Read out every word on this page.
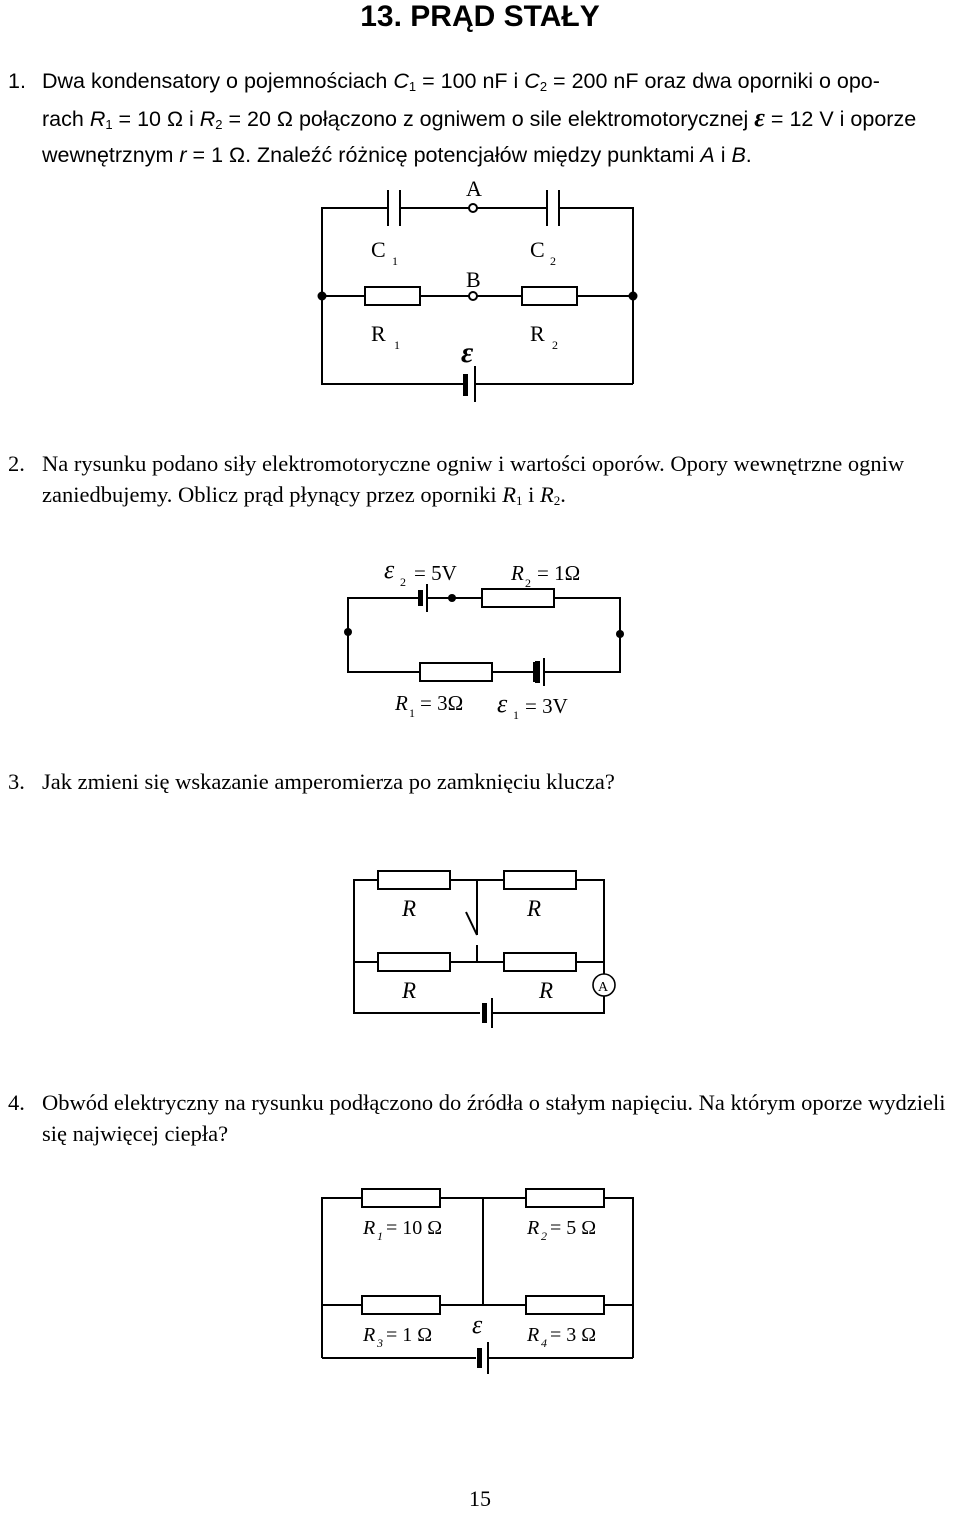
13. PRĄD STAŁY
1. Dwa kondensatory o pojemnościach $C_1 = 100$ nF i $C_2 = 200$ nF oraz dwa oporniki o opo-
rach $R_1 = 10$ Ω i $R_2 = 20$ Ω połączono z ogniwem o sile elektromotorycznej ε = 12 V i oporze
wewnętrznym r = 1 Ω. Znaleźć różnicę potencjałów między punktami A i B.
A
B
C 1	C 2
R 1	R 2
ε
2. Na rysunku podano siły elektromotoryczne ogniw i wartości oporów. Opory wewnętrzne ogniw zaniedbujemy. Oblicz prąd płynący przez oporniki $R_1$ i $R_2$.
ε 2 = 5V	R 2 = 1Ω
R 1 = 3Ω ε 1 = 3V
3. Jak zmieni się wskazanie amperomierza po zamknięciu klucza?
R	R
R	R	A
4. Obwód elektryczny na rysunku podłączono do źródła o stałym napięciu. Na którym oporze wydzieli się najwięcej ciepła?
R 1 = 10 Ω	R 2 = 5 Ω
R 3 = 1 Ω	R 4 = 3 Ω
ε
15
